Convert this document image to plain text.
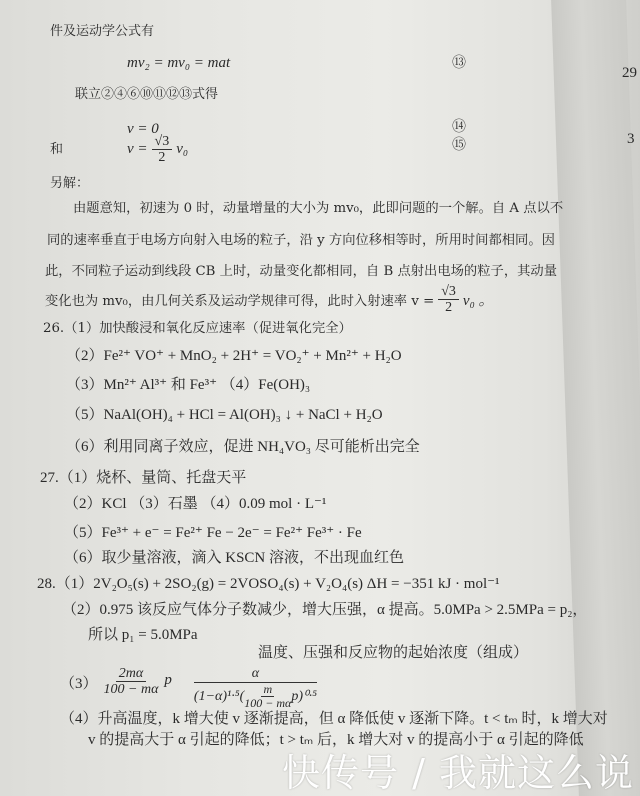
29
3
件及运动学公式有
mv₂ = mv₀ = mat	⑬
联立②④⑥⑩⑪⑫⑬式得
v = 0	⑭
和	$v = \frac{√3}{2} v_0$	⑮
另解：
由题意知，初速为 0 时，动量增量的大小为 mv₀，此即问题的一个解。自 A 点以不
同的速率垂直于电场方向射入电场的粒子，沿 y 方向位移相等时，所用时间都相同。因
此，不同粒子运动到线段 CB 上时，动量变化都相同，自 B 点射出电场的粒子，其动量
变化也为 mv₀，由几何关系及运动学规律可得，此时入射速率 $v = \frac{√3}{2} v_0$ 。
26.（1）加快酸浸和氧化反应速率（促进氧化完全）
（2）Fe²⁺ VO⁺ + MnO₂ + 2H⁺ = VO₂⁺ + Mn²⁺ + H₂O
（3）Mn²⁺ Al³⁺ 和 Fe³⁺ （4）Fe(OH)₃
（5）NaAl(OH)₄ + HCl = Al(OH)₃ ↓ + NaCl + H₂O
（6）利用同离子效应，促进 NH₄VO₃ 尽可能析出完全
27.（1）烧杯、量筒、托盘天平
（2）KCl （3）石墨 （4）0.09 mol · L⁻¹
（5）Fe³⁺ + e⁻ = Fe²⁺ Fe − 2e⁻ = Fe²⁺ Fe³⁺ · Fe
（6）取少量溶液，滴入 KSCN 溶液，不出现血红色
28.（1）2V₂O₅(s) + 2SO₂(g) = 2VOSO₄(s) + V₂O₄(s) ΔH = −351 kJ · mol⁻¹
（2）0.975 该反应气体分子数减少，增大压强，α 提高。5.0MPa > 2.5MPa = p₂，
所以 p₁ = 5.0MPa
温度、压强和反应物的起始浓度（组成）
$(3) \frac{2m\alpha}{100 - m\alpha}$ p $\frac{\alpha}{(1-\alpha)^1\cdot^5( \frac{m}{100 - m\alpha} p)^0\cdot^5}$
（4）升高温度，k 增大使 v 逐渐提高，但 α 降低使 v 逐渐下降。t < tₘ 时，k 增大对
v 的提高大于 α 引起的降低；t > tₘ 后，k 增大对 v 的提高小于 α 引起的降低
快传号 / 我就这么说
